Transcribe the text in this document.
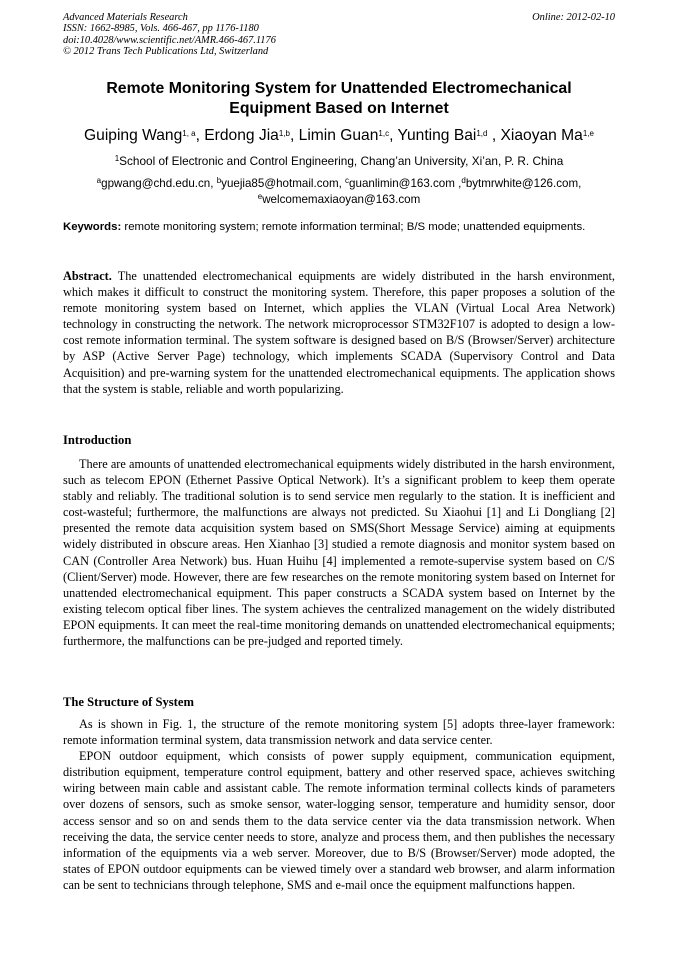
Advanced Materials Research	Online: 2012-02-10
ISSN: 1662-8985, Vols. 466-467, pp 1176-1180
doi:10.4028/www.scientific.net/AMR.466-467.1176
© 2012 Trans Tech Publications Ltd, Switzerland
Remote Monitoring System for Unattended Electromechanical
Equipment Based on Internet
Guiping Wang$^{1, a}$, Erdong Jia$^{1,b}$, Limin Guan$^{1,c}$, Yunting Bai$^{1,d}$ , Xiaoyan Ma$^{1,e}$
$^1$School of Electronic and Control Engineering, Chang’an University, Xi’an, P. R. China
$^a$gpwang@chd.edu.cn, $^b$yuejia85@hotmail.com, $^c$guanlimin@163.com ,$^d$bytmrwhite@126.com,
$^e$welcomemaxiaoyan@163.com
Keywords: remote monitoring system; remote information terminal; B/S mode; unattended equipments.

Abstract. The unattended electromechanical equipments are widely distributed in the harsh environment, which makes it difficult to construct the monitoring system. Therefore, this paper proposes a solution of the remote monitoring system based on Internet, which applies the VLAN (Virtual Local Area Network) technology in constructing the network. The network microprocessor STM32F107 is adopted to design a low-cost remote information terminal. The system software is designed based on B/S (Browser/Server) architecture by ASP (Active Server Page) technology, which implements SCADA (Supervisory Control and Data Acquisition) and pre-warning system for the unattended electromechanical equipments. The application shows that the system is stable, reliable and worth popularizing.

Introduction

There are amounts of unattended electromechanical equipments widely distributed in the harsh environment, such as telecom EPON (Ethernet Passive Optical Network). It’s a significant problem to keep them operate stably and reliably. The traditional solution is to send service men regularly to the station. It is inefficient and cost-wasteful; furthermore, the malfunctions are always not predicted. Su Xiaohui [1] and Li Dongliang [2] presented the remote data acquisition system based on SMS(Short Message Service) aiming at equipments widely distributed in obscure areas. Hen Xianhao [3] studied a remote diagnosis and monitor system based on CAN (Controller Area Network) bus. Huan Huihu [4] implemented a remote-supervise system based on C/S (Client/Server) mode. However, there are few researches on the remote monitoring system based on Internet for unattended electromechanical equipment. This paper constructs a SCADA system based on Internet by the existing telecom optical fiber lines. The system achieves the centralized management on the widely distributed EPON equipments. It can meet the real-time monitoring demands on unattended electromechanical equipments; furthermore, the malfunctions can be pre-judged and reported timely.

The Structure of System

As is shown in Fig. 1, the structure of the remote monitoring system [5] adopts three-layer framework: remote information terminal system, data transmission network and data service center.

EPON outdoor equipment, which consists of power supply equipment, communication equipment, distribution equipment, temperature control equipment, battery and other reserved space, achieves switching wiring between main cable and assistant cable. The remote information terminal collects kinds of parameters over dozens of sensors, such as smoke sensor, water-logging sensor, temperature and humidity sensor, door access sensor and so on and sends them to the data service center via the data transmission network. When receiving the data, the service center needs to store, analyze and process them, and then publishes the necessary information of the equipments via a web server. Moreover, due to B/S (Browser/Server) mode adopted, the states of EPON outdoor equipments can be viewed timely over a standard web browser, and alarm information can be sent to technicians through telephone, SMS and e-mail once the equipment malfunctions happen.
